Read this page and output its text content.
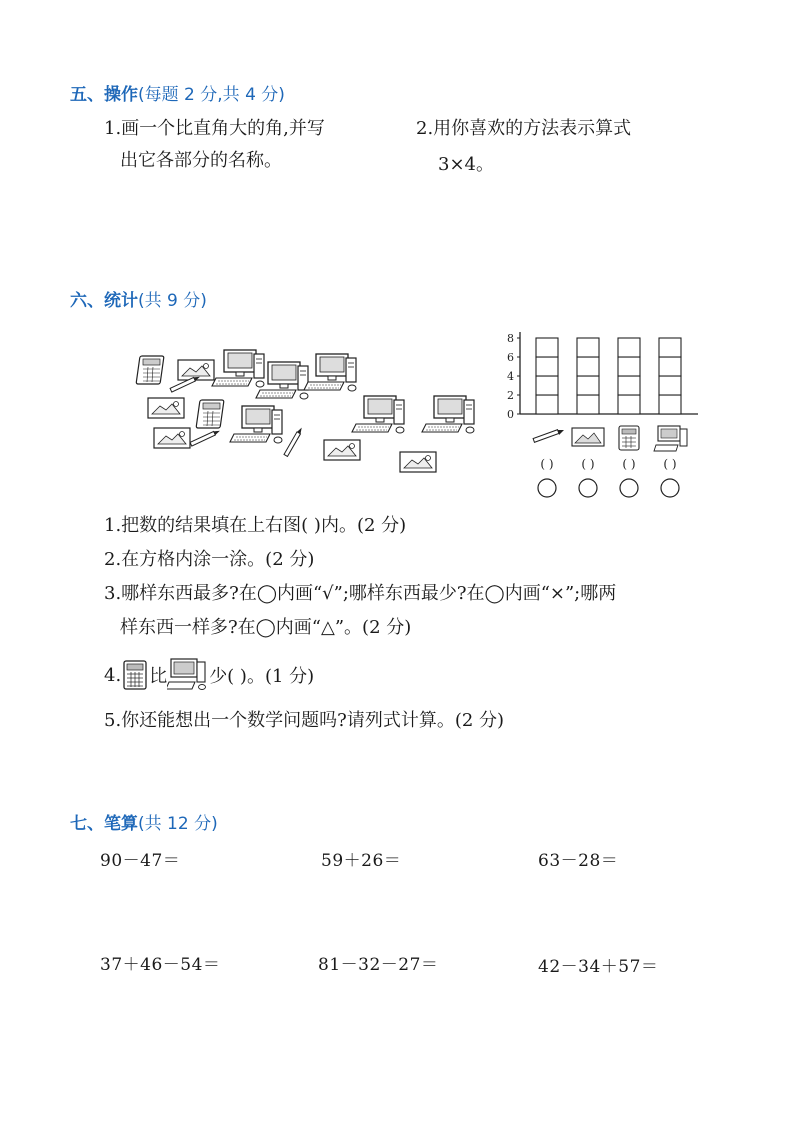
五、操作(每题 2 分,共 4 分)
1.画一个比直角大的角,并写
出它各部分的名称。
2.用你喜欢的方法表示算式
3×4。
六、统计(共 9 分)
0
2
4
6
8
( ) ( ) ( ) ( )
1.把数的结果填在上右图( )内。(2 分)
2.在方格内涂一涂。(2 分)
3.哪样东西最多?在◯内画“√”;哪样东西最少?在◯内画“×”;哪两
样东西一样多?在◯内画“△”。(2 分)
4. 比 少( )。(1 分)
5.你还能想出一个数学问题吗?请列式计算。(2 分)
七、笔算(共 12 分)
90－47＝	59＋26＝	63－28＝
37＋46－54＝	81－32－27＝	42－34＋57＝
